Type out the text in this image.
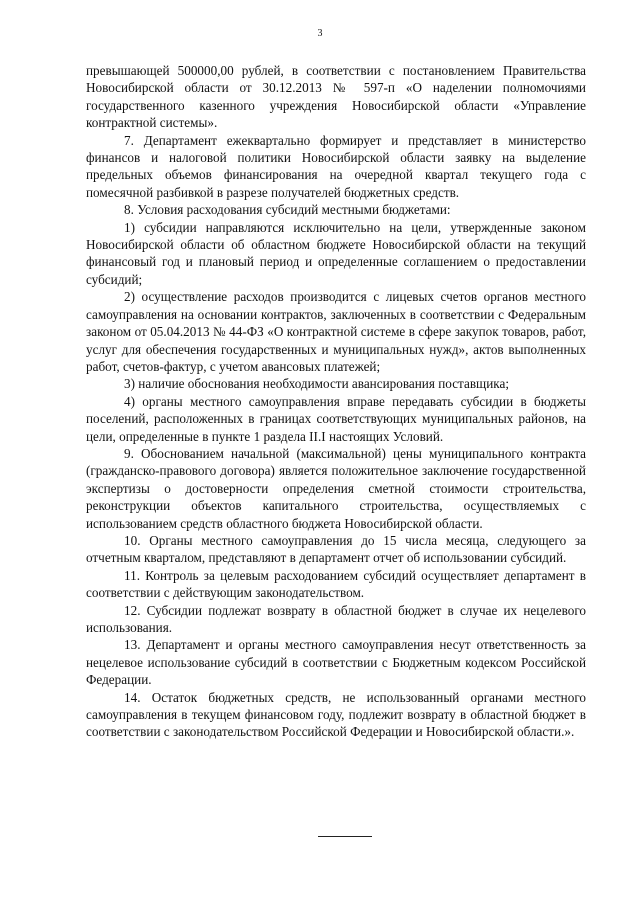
3

превышающей 500000,00 рублей, в соответствии с постановлением Правительства Новосибирской области от 30.12.2013 № 597-п «О наделении полномочиями государственного казенного учреждения Новосибирской области «Управление контрактной системы».

7. Департамент ежеквартально формирует и представляет в министерство финансов и налоговой политики Новосибирской области заявку на выделение предельных объемов финансирования на очередной квартал текущего года с помесячной разбивкой в разрезе получателей бюджетных средств.

8. Условия расходования субсидий местными бюджетами:

1) субсидии направляются исключительно на цели, утвержденные законом Новосибирской области об областном бюджете Новосибирской области на текущий финансовый год и плановый период и определенные соглашением о предоставлении субсидий;

2) осуществление расходов производится с лицевых счетов органов местного самоуправления на основании контрактов, заключенных в соответствии с Федеральным законом от 05.04.2013 № 44-ФЗ «О контрактной системе в сфере закупок товаров, работ, услуг для обеспечения государственных и муниципальных нужд», актов выполненных работ, счетов-фактур, с учетом авансовых платежей;

3) наличие обоснования необходимости авансирования поставщика;

4) органы местного самоуправления вправе передавать субсидии в бюджеты поселений, расположенных в границах соответствующих муниципальных районов, на цели, определенные в пункте 1 раздела II.I настоящих Условий.

9. Обоснованием начальной (максимальной) цены муниципального контракта (гражданско-правового договора) является положительное заключение государственной экспертизы о достоверности определения сметной стоимости строительства, реконструкции объектов капитального строительства, осуществляемых с использованием средств областного бюджета Новосибирской области.

10. Органы местного самоуправления до 15 числа месяца, следующего за отчетным кварталом, представляют в департамент отчет об использовании субсидий.

11. Контроль за целевым расходованием субсидий осуществляет департамент в соответствии с действующим законодательством.

12. Субсидии подлежат возврату в областной бюджет в случае их нецелевого использования.

13. Департамент и органы местного самоуправления несут ответственность за нецелевое использование субсидий в соответствии с Бюджетным кодексом Российской Федерации.

14. Остаток бюджетных средств, не использованный органами местного самоуправления в текущем финансовом году, подлежит возврату в областной бюджет в соответствии с законодательством Российской Федерации и Новосибирской области.».
